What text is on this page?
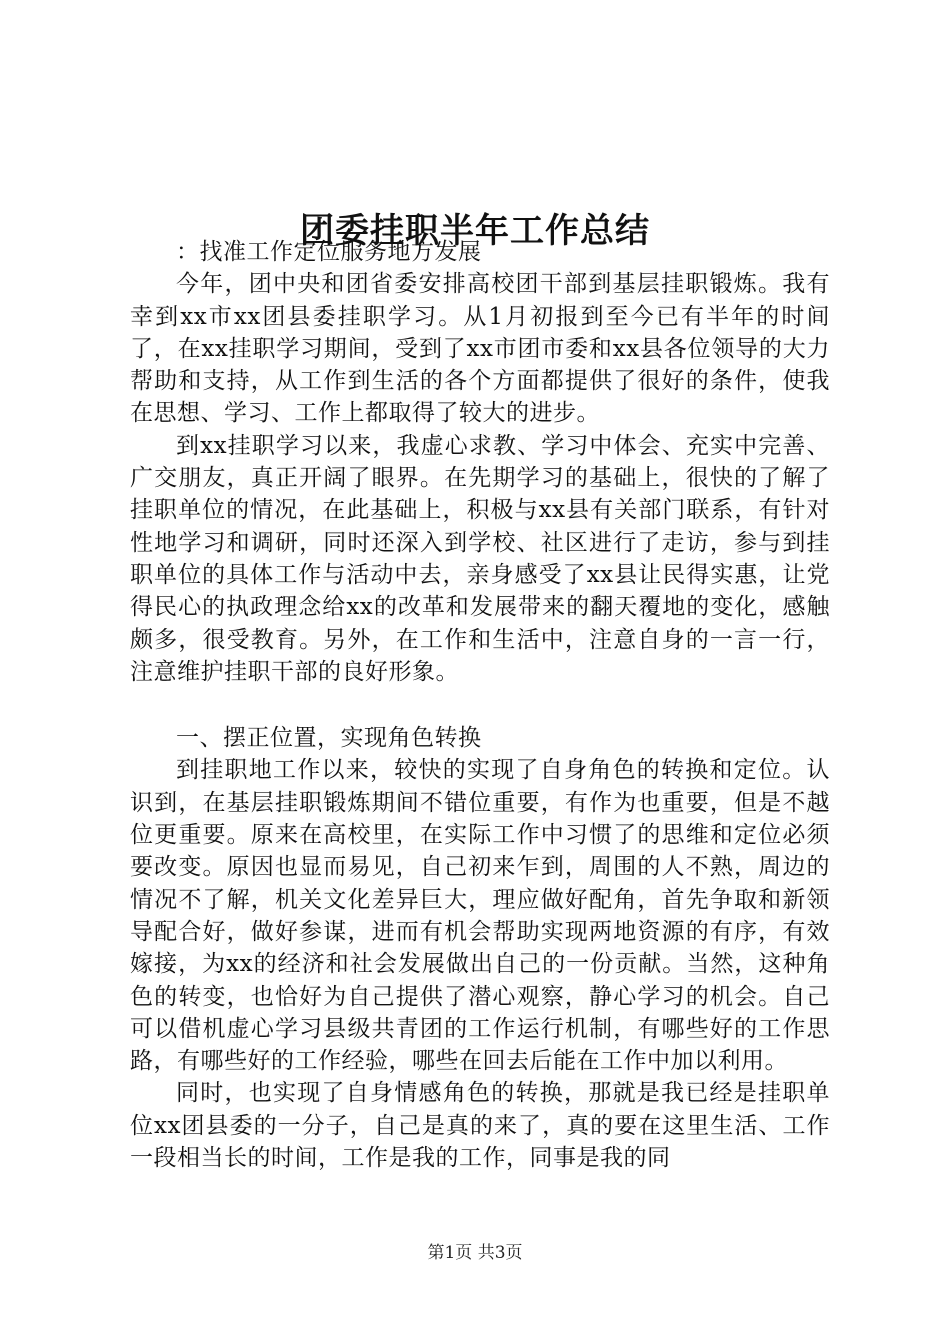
团委挂职半年工作总结

：找准工作定位服务地方发展

今年，团中央和团省委安排高校团干部到基层挂职锻炼。我有幸到xx市xx团县委挂职学习。从1月初报到至今已有半年的时间了，在xx挂职学习期间，受到了xx市团市委和xx县各位领导的大力帮助和支持，从工作到生活的各个方面都提供了很好的条件，使我在思想、学习、工作上都取得了较大的进步。

到xx挂职学习以来，我虚心求教、学习中体会、充实中完善、广交朋友，真正开阔了眼界。在先期学习的基础上，很快的了解了挂职单位的情况，在此基础上，积极与xx县有关部门联系，有针对性地学习和调研，同时还深入到学校、社区进行了走访，参与到挂职单位的具体工作与活动中去，亲身感受了xx县让民得实惠，让党得民心的执政理念给xx的改革和发展带来的翻天覆地的变化，感触颇多，很受教育。另外，在工作和生活中，注意自身的一言一行，注意维护挂职干部的良好形象。

一、摆正位置，实现角色转换

到挂职地工作以来，较快的实现了自身角色的转换和定位。认识到，在基层挂职锻炼期间不错位重要，有作为也重要，但是不越位更重要。原来在高校里，在实际工作中习惯了的思维和定位必须要改变。原因也显而易见，自己初来乍到，周围的人不熟，周边的情况不了解，机关文化差异巨大，理应做好配角，首先争取和新领导配合好，做好参谋，进而有机会帮助实现两地资源的有序，有效嫁接，为xx的经济和社会发展做出自己的一份贡献。当然，这种角色的转变，也恰好为自己提供了潜心观察，静心学习的机会。自己可以借机虚心学习县级共青团的工作运行机制，有哪些好的工作思路，有哪些好的工作经验，哪些在回去后能在工作中加以利用。

同时，也实现了自身情感角色的转换，那就是我已经是挂职单位xx团县委的一分子，自己是真的来了，真的要在这里生活、工作一段相当长的时间，工作是我的工作，同事是我的同

第1页 共3页
